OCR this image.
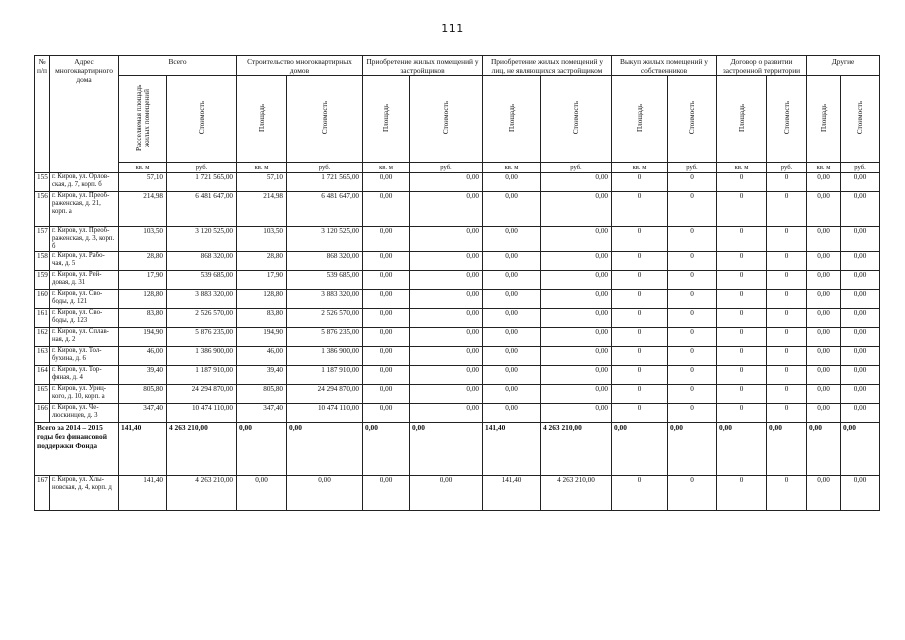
111
№ п/п	Адрес многоквартирного дома	Всего		Строительство многоквартирных домов		Приобретение жилых помещений у застройщиков		Приобретение жилых помещений у лиц, не являющихся застройщиком		Выкуп жилых помещений у собственников		Договор о развитии застроенной территории		Другие	
		Расселяемая площадь жилых помещений	Стоимость	Площадь	Стоимость	Площадь	Стоимость	Площадь	Стоимость	Площадь	Стоимость	Площадь	Стоимость	Площадь	Стоимость
		кв. м	руб.	кв. м	руб.	кв. м	руб.	кв. м	руб.	кв. м	руб.	кв. м	руб.	кв. м	руб.
155	г. Киров, ул. Орлов-ская, д. 7, корп. б	57,10	1 721 565,00	57,10	1 721 565,00	0,00	0,00	0,00	0,00	0	0	0	0	0,00	0,00
156	г. Киров, ул. Преоб-раженская, д. 21, корп. а	214,98	6 481 647,00	214,98	6 481 647,00	0,00	0,00	0,00	0,00	0	0	0	0	0,00	0,00
157	г. Киров, ул. Преоб-раженская, д. 3, корп. б	103,50	3 120 525,00	103,50	3 120 525,00	0,00	0,00	0,00	0,00	0	0	0	0	0,00	0,00
158	г. Киров, ул. Рабо-чая, д. 5	28,80	868 320,00	28,80	868 320,00	0,00	0,00	0,00	0,00	0	0	0	0	0,00	0,00
159	г. Киров, ул. Рей-довая, д. 31	17,90	539 685,00	17,90	539 685,00	0,00	0,00	0,00	0,00	0	0	0	0	0,00	0,00
160	г. Киров, ул. Сво-боды, д. 121	128,80	3 883 320,00	128,80	3 883 320,00	0,00	0,00	0,00	0,00	0	0	0	0	0,00	0,00
161	г. Киров, ул. Сво-боды, д. 123	83,80	2 526 570,00	83,80	2 526 570,00	0,00	0,00	0,00	0,00	0	0	0	0	0,00	0,00
162	г. Киров, ул. Сплав-ная, д. 2	194,90	5 876 235,00	194,90	5 876 235,00	0,00	0,00	0,00	0,00	0	0	0	0	0,00	0,00
163	г. Киров, ул. Тол-бухина, д. 6	46,00	1 386 900,00	46,00	1 386 900,00	0,00	0,00	0,00	0,00	0	0	0	0	0,00	0,00
164	г. Киров, ул. Тор-фяная, д. 4	39,40	1 187 910,00	39,40	1 187 910,00	0,00	0,00	0,00	0,00	0	0	0	0	0,00	0,00
165	г. Киров, ул. Уриц-кого, д. 10, корп. а	805,80	24 294 870,00	805,80	24 294 870,00	0,00	0,00	0,00	0,00	0	0	0	0	0,00	0,00
166	г. Киров, ул. Че-люскинцев, д. 3	347,40	10 474 110,00	347,40	10 474 110,00	0,00	0,00	0,00	0,00	0	0	0	0	0,00	0,00
Всего за 2014 – 2015 годы без финансовой поддержки Фонда		141,40	4 263 210,00	0,00	0,00	0,00	0,00	141,40	4 263 210,00	0,00	0,00	0,00	0,00	0,00	0,00
167	г. Киров, ул. Хлы-новская, д. 4, корп. д	141,40	4 263 210,00	0,00	0,00	0,00	0,00	141,40	4 263 210,00	0	0	0	0	0,00	0,00
